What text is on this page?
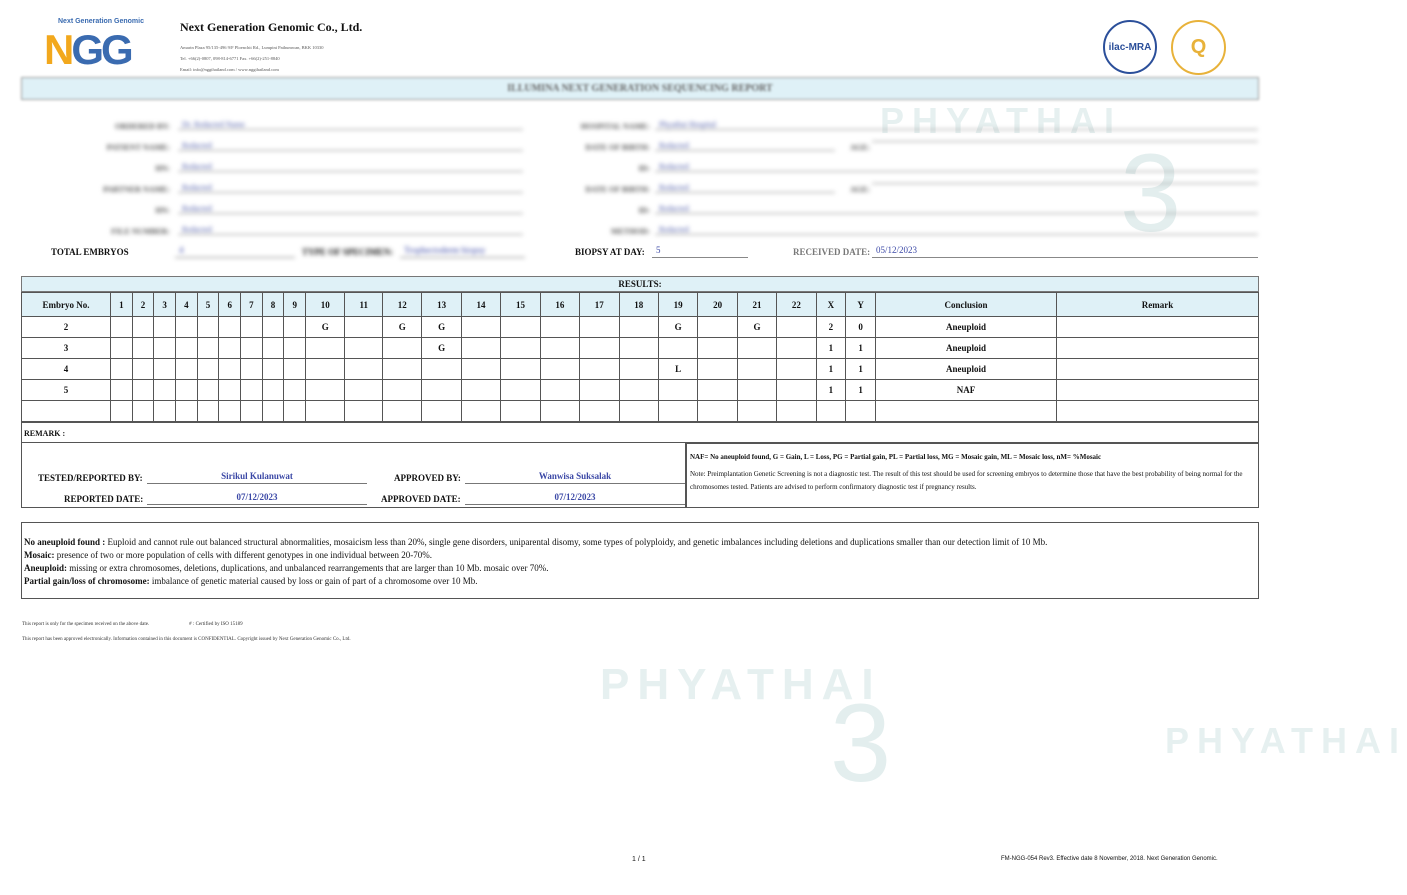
PHYATHAI
3	PHYATHAI
PHYATHAI
3
Next Generation Genomic
NGG	Next Generation Genomic Co., Ltd.
Amarin Plaza 95/135-496 9/F Ploenchit Rd., Lumpini Pathumwan, BKK 10330
Tel. +66(2)-0807, 098-814-6771 Fax. +66(2)-251-8840
Email: info@nggthailand.com / www.nggthailand.com
ilac-MRA	Q
ILLUMINA NEXT GENERATION SEQUENCING REPORT
ORDERED BY:	Dr. Redacted Name
PATIENT NAME:	Redacted
HN:	Redacted
PARTNER NAME:	Redacted
HN:	Redacted
FILE NUMBER:	Redacted
HOSPITAL NAME:	Phyathai Hospital
DATE OF BIRTH:	Redacted	AGE:
ID:	Redacted
DATE OF BIRTH:	Redacted	AGE:
ID:	Redacted
METHOD:	Redacted
TOTAL EMBRYOS	4	TYPE OF SPECIMEN:	Trophectoderm biopsy	BIOPSY AT DAY:	5	RECEIVED DATE: 05/12/2023
RESULTS:
Embryo No.	1	2	3	4	5	6	7	8	9	10	11	12	13	14	15	16	17	18	19	20	21	22	X	Y	Conclusion	Remark
2										G		G	G						G		G		2	0	Aneuploid	
3													G										1	1	Aneuploid	
4																			L				1	1	Aneuploid	
5																							1	1	NAF	

REMARK :
TESTED/REPORTED BY:	Sirikul Kulanuwat	APPROVED BY:	Wanwisa Suksalak
REPORTED DATE:	07/12/2023	APPROVED DATE:	07/12/2023
NAF= No aneuploid found, G = Gain, L = Loss, PG = Partial gain, PL = Partial loss, MG = Mosaic gain, ML = Mosaic loss, nM= %Mosaic
Note: Preimplantation Genetic Screening is not a diagnostic test. The result of this test should be used for screening embryos to determine those that have the best probability of being normal for the chromosomes tested. Patients are advised to perform confirmatory diagnostic test if pregnancy results.
No aneuploid found : Euploid and cannot rule out balanced structural abnormalities, mosaicism less than 20%, single gene disorders, uniparental disomy, some types of polyploidy, and genetic imbalances including deletions and duplications smaller than our detection limit of 10 Mb.
Mosaic: presence of two or more population of cells with different genotypes in one individual between 20-70%.
Aneuploid: missing or extra chromosomes, deletions, duplications, and unbalanced rearrangements that are larger than 10 Mb. mosaic over 70%.
Partial gain/loss of chromosome: imbalance of genetic material caused by loss or gain of part of a chromosome over 10 Mb.
This report is only for the specimen received on the above date.                                # : Certified by ISO 15189
This report has been approved electronically. Information contained in this document is CONFIDENTIAL. Copyright issued by Next Generation Genomic Co., Ltd.
1 / 1	FM-NGG-054 Rev3. Effective date 8 November, 2018. Next Generation Genomic.
